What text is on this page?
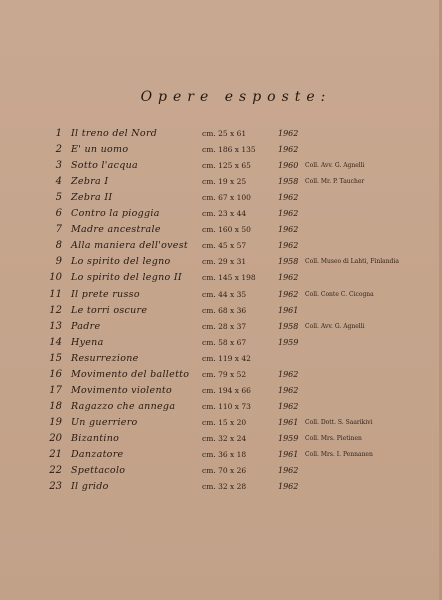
Opere esposte:
1 Il treno del Nord	cm. 25 x 61	1962
2 E' un uomo	cm. 186 x 135	1962
3 Sotto l'acqua	cm. 125 x 65	1960 Coll. Avv. G. Agnelli
4 Zebra I	cm. 19 x 25	1958 Coll. Mr. P. Taucher
5 Zebra II	cm. 67 x 100	1962
6 Contro la pioggia	cm. 23 x 44	1962
7 Madre ancestrale	cm. 160 x 50	1962
8 Alla maniera dell'ovest cm. 45 x 57	1962
9 Lo spirito del legno	cm. 29 x 31	1958 Coll. Museo di Lahti, Finlandia
10 Lo spirito del legno II	cm. 145 x 198	1962
11 Il prete russo	cm. 44 x 35	1962 Coll. Conte C. Cicogna
12 Le torri oscure	cm. 68 x 36	1961
13 Padre	cm. 28 x 37	1958 Coll. Avv. G. Agnelli
14 Hyena	cm. 58 x 67	1959
15 Resurrezione	cm. 119 x 42
16 Movimento del balletto cm. 79 x 52	1962
17 Movimento violento	cm. 194 x 66	1962
18 Ragazzo che annega	cm. 110 x 73	1962
19 Un guerriero	cm. 15 x 20	1961 Coll. Dott. S. Saarikivi
20 Bizantino	cm. 32 x 24	1959 Coll. Mrs. Pietinen
21 Danzatore	cm. 36 x 18	1961 Coll. Mrs. I. Pennanen
22 Spettacolo	cm. 70 x 26	1962
23 Il grido	cm. 32 x 28	1962
